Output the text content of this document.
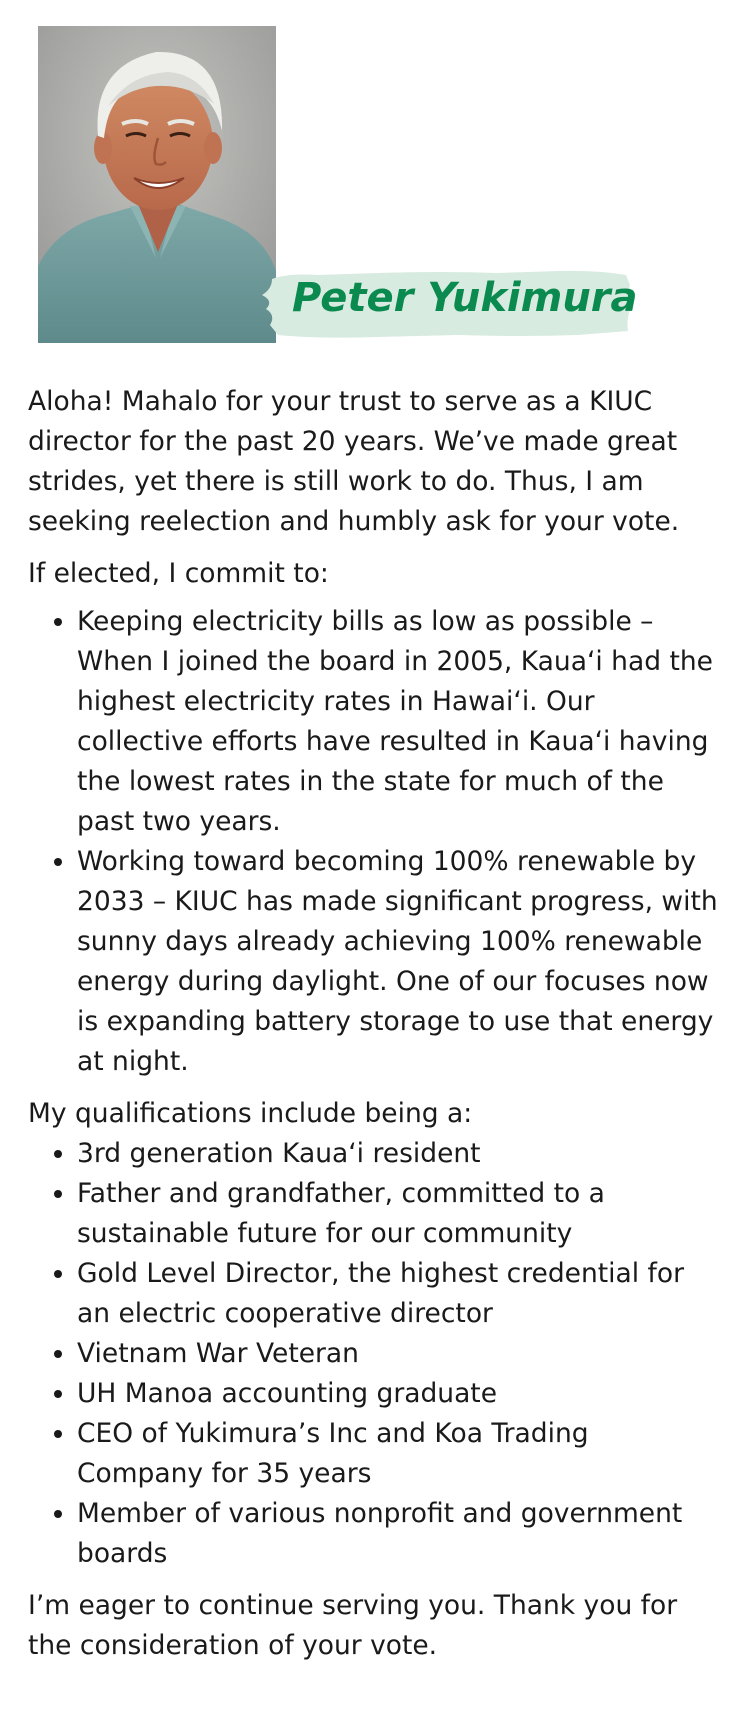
Peter Yukimura

Aloha! Mahalo for your trust to serve as a KIUC director for the past 20 years. We’ve made great strides, yet there is still work to do. Thus, I am seeking reelection and humbly ask for your vote.

If elected, I commit to:

• Keeping electricity bills as low as possible – When I joined the board in 2005, Kaua‘i had the highest electricity rates in Hawai‘i. Our collective efforts have resulted in Kaua‘i having the lowest rates in the state for much of the past two years.
• Working toward becoming 100% renewable by 2033 – KIUC has made significant progress, with sunny days already achieving 100% renewable energy during daylight. One of our focuses now is expanding battery storage to use that energy at night.

My qualifications include being a:

• 3rd generation Kaua‘i resident
• Father and grandfather, committed to a sustainable future for our community
• Gold Level Director, the highest credential for an electric cooperative director
• Vietnam War Veteran
• UH Manoa accounting graduate
• CEO of Yukimura’s Inc and Koa Trading Company for 35 years
• Member of various nonprofit and government boards

I’m eager to continue serving you. Thank you for the consideration of your vote.
